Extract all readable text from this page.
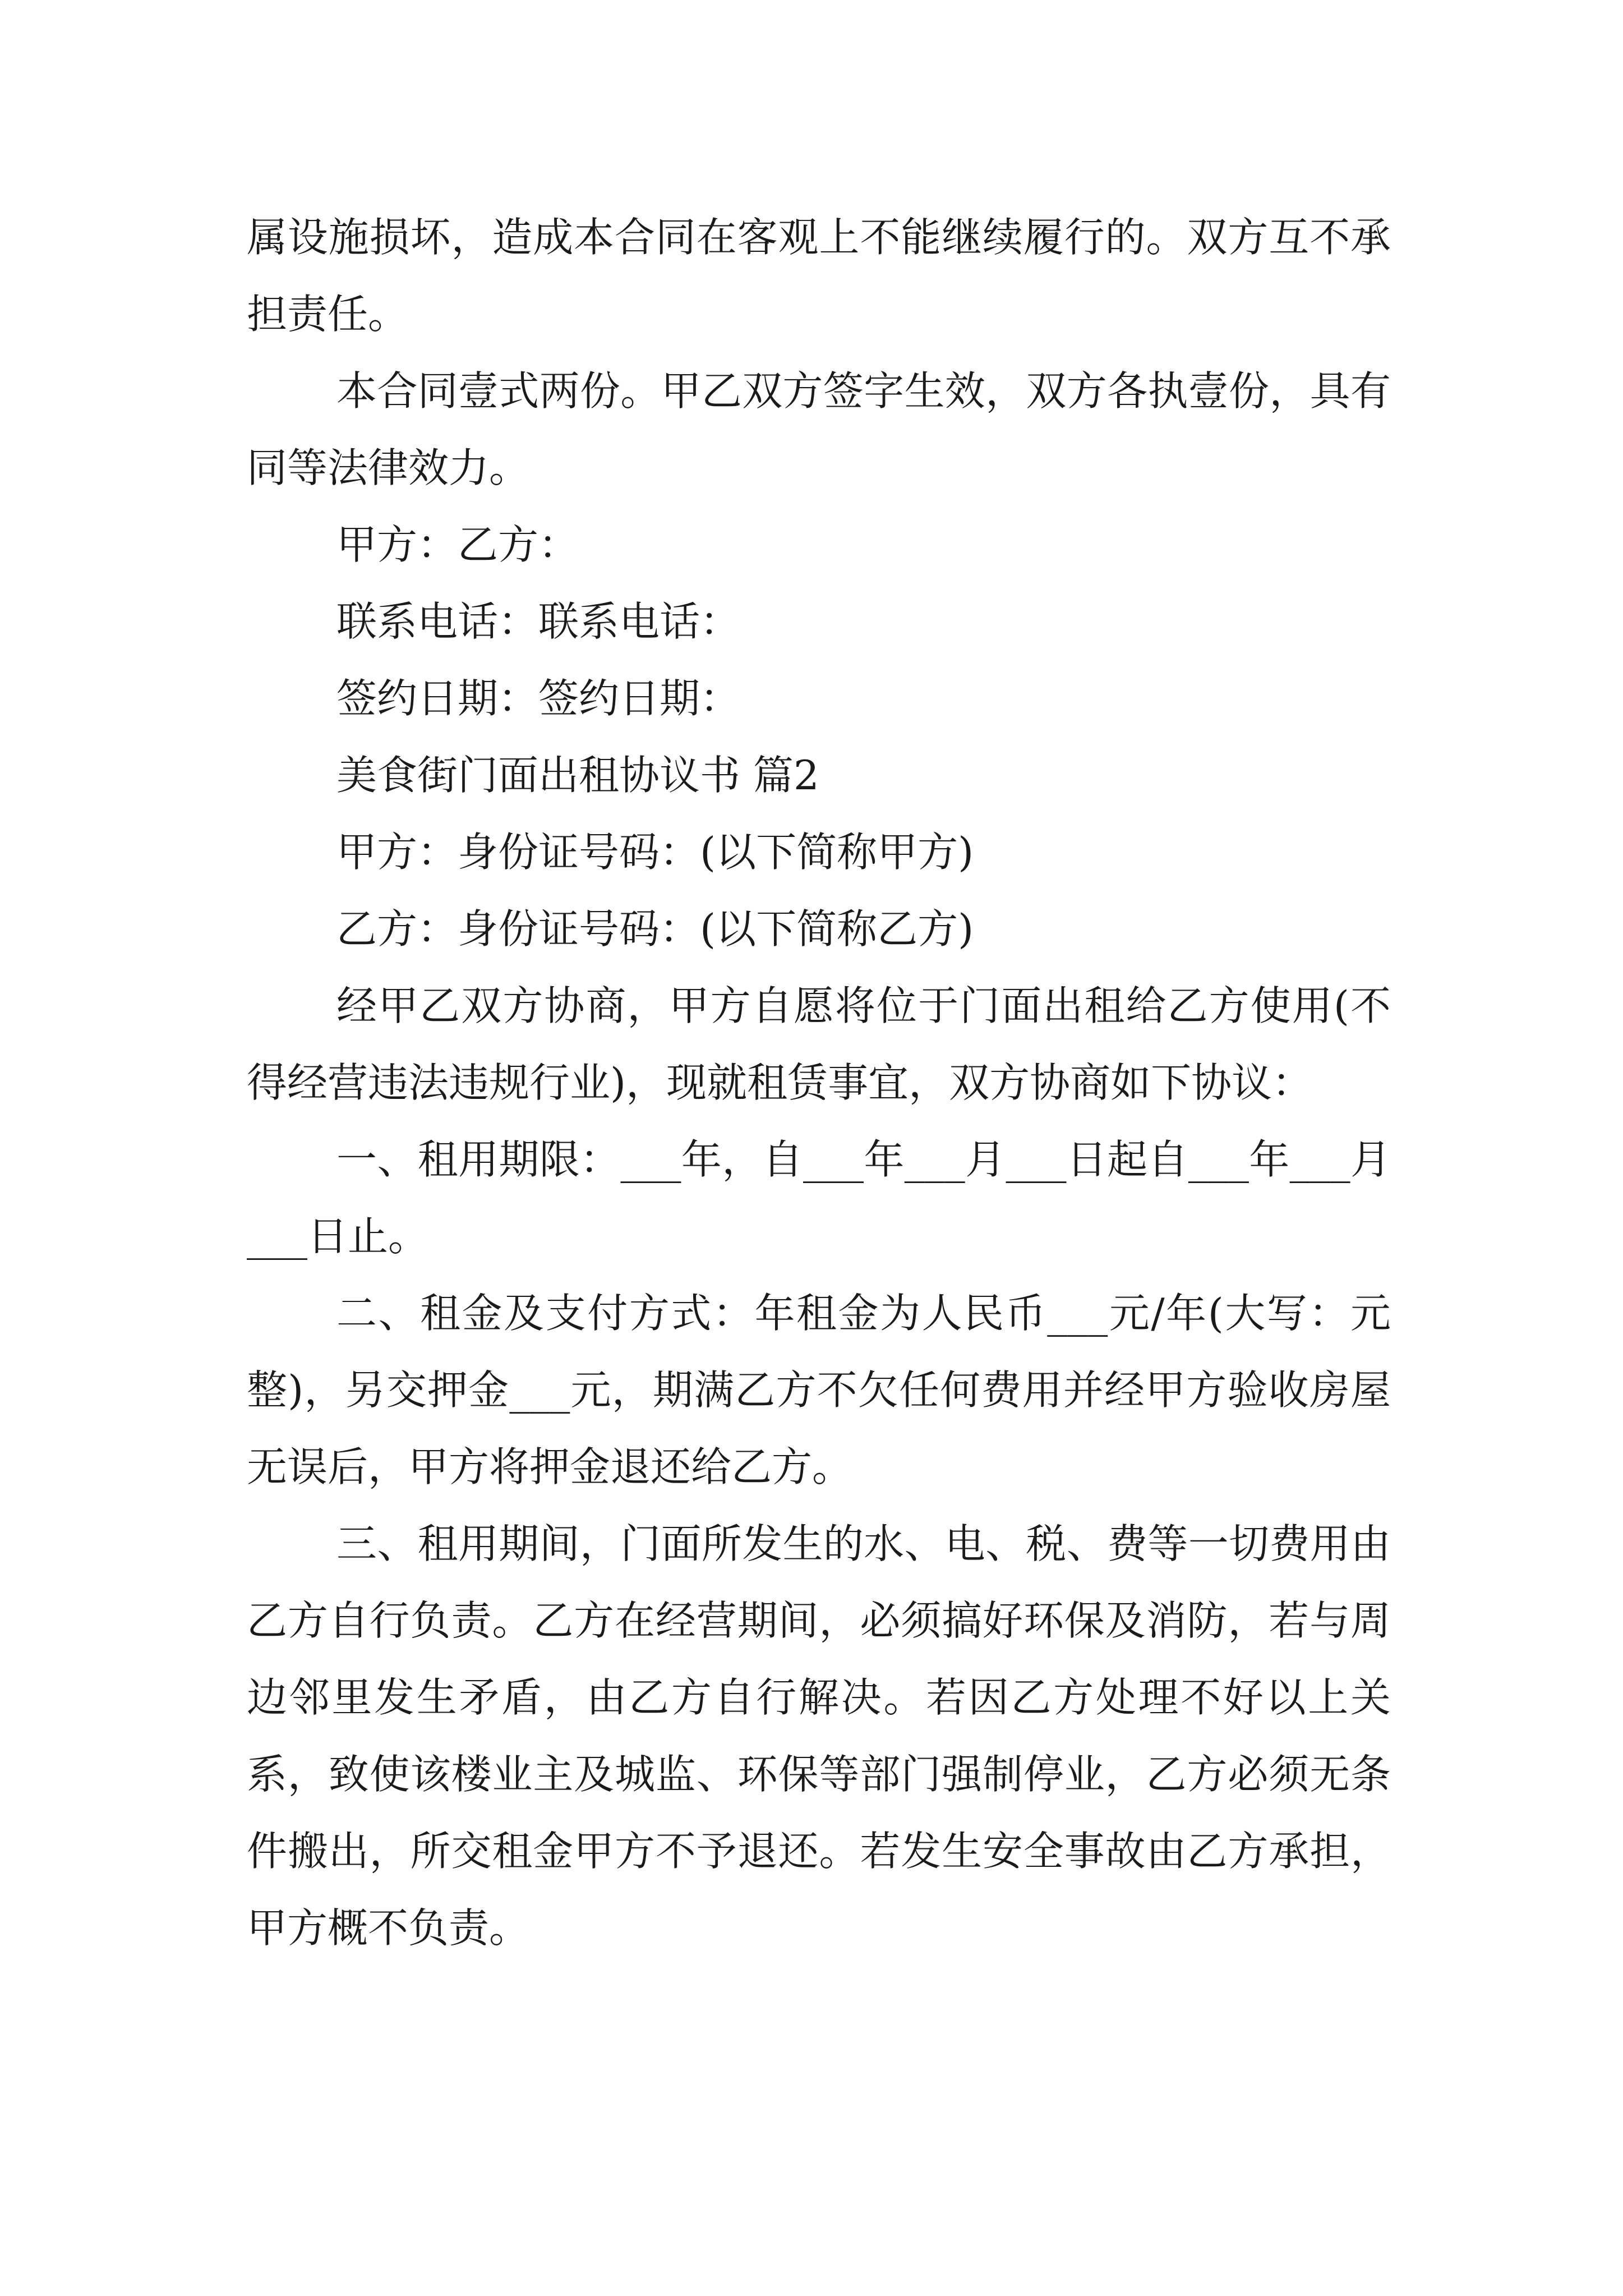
属设施损坏，造成本合同在客观上不能继续履行的。双方互不承担责任。

本合同壹式两份。甲乙双方签字生效，双方各执壹份，具有同等法律效力。

甲方：乙方：

联系电话：联系电话：

签约日期：签约日期：

美食街门面出租协议书 篇2

甲方：身份证号码：(以下简称甲方)

乙方：身份证号码：(以下简称乙方)

经甲乙双方协商，甲方自愿将位于门面出租给乙方使用(不得经营违法违规行业)，现就租赁事宜，双方协商如下协议：

一、租用期限：___年，自___年___月___日起自___年___月___日止。

二、租金及支付方式：年租金为人民币___元/年(大写：元整)，另交押金___元，期满乙方不欠任何费用并经甲方验收房屋无误后，甲方将押金退还给乙方。

三、租用期间，门面所发生的水、电、税、费等一切费用由乙方自行负责。乙方在经营期间，必须搞好环保及消防，若与周边邻里发生矛盾，由乙方自行解决。若因乙方处理不好以上关系，致使该楼业主及城监、环保等部门强制停业，乙方必须无条件搬出，所交租金甲方不予退还。若发生安全事故由乙方承担，甲方概不负责。
